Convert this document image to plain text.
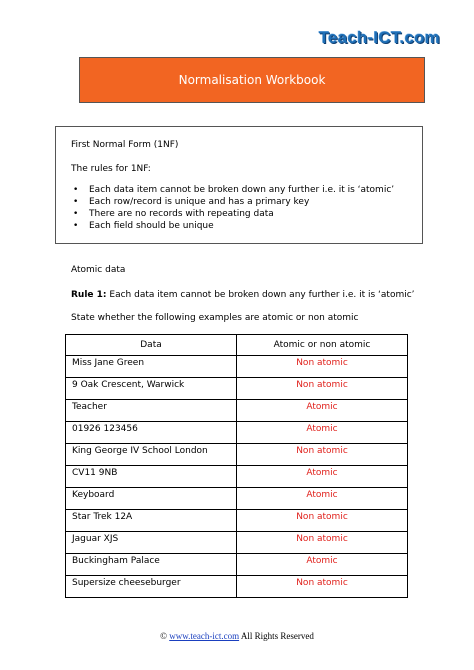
Teach-ICT.com
Normalisation Workbook
First Normal Form (1NF)
The rules for 1NF:
• Each data item cannot be broken down any further i.e. it is ‘atomic’
• Each row/record is unique and has a primary key
• There are no records with repeating data
• Each field should be unique
Atomic data
Rule 1: Each data item cannot be broken down any further i.e. it is ‘atomic’
State whether the following examples are atomic or non atomic
Data	Atomic or non atomic
Miss Jane Green	Non atomic
9 Oak Crescent, Warwick	Non atomic
Teacher	Atomic
01926 123456	Atomic
King George IV School London	Non atomic
CV11 9NB	Atomic
Keyboard	Atomic
Star Trek 12A	Non atomic
Jaguar XJS	Non atomic
Buckingham Palace	Atomic
Supersize cheeseburger	Non atomic
© www.teach-ict.com All Rights Reserved
